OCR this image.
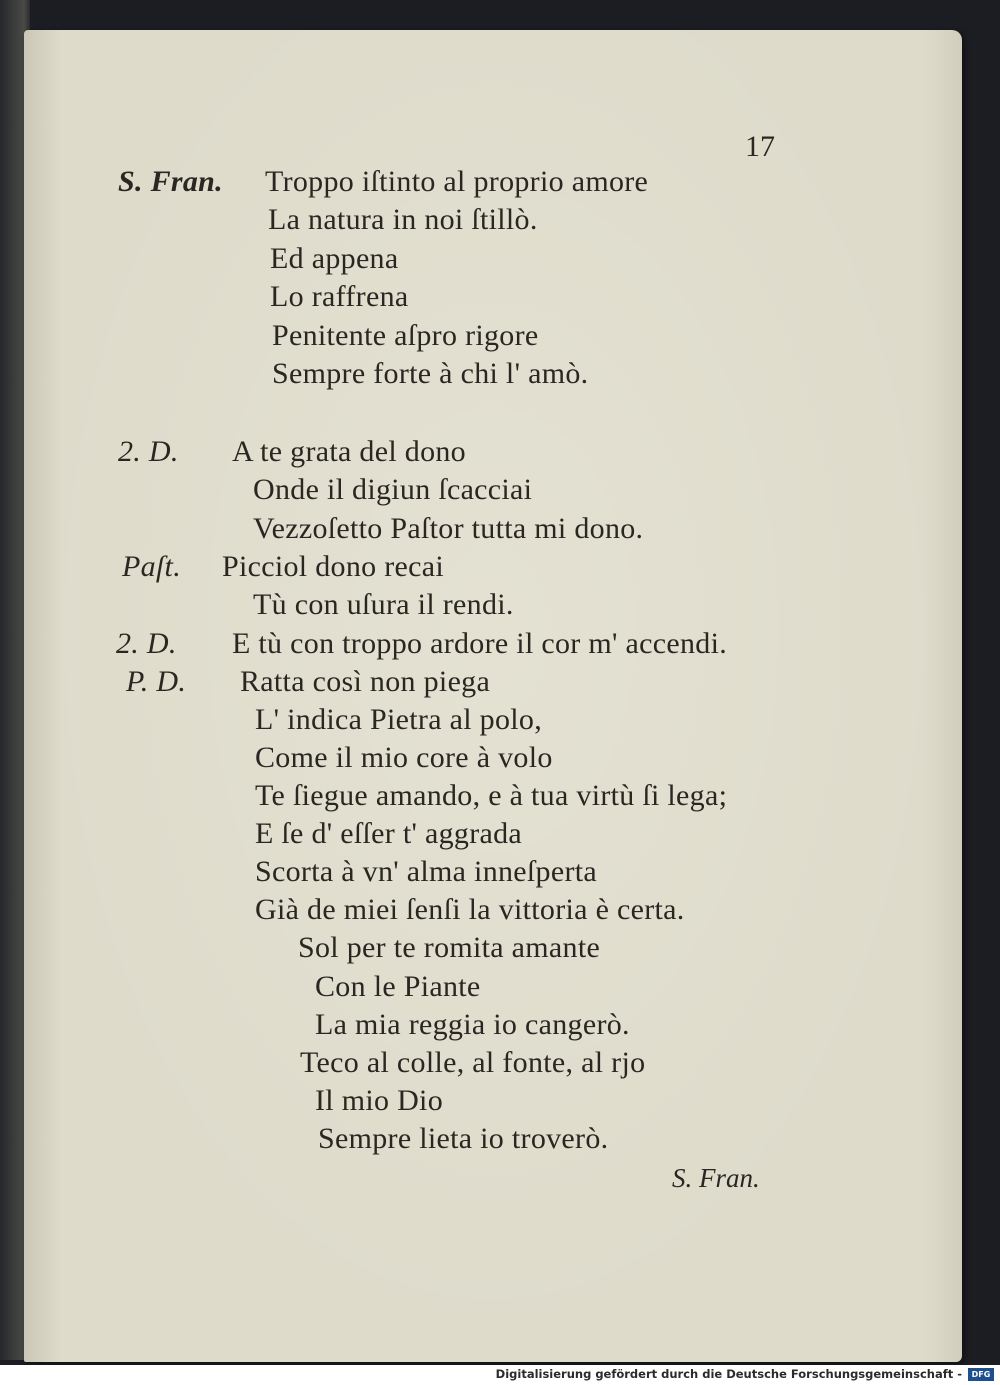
17
S. Fran.
2. D.
Paſt.
2. D.
P. D.
Troppo iſtinto al proprio amore
La natura in noi ſtillò.
Ed appena
Lo raffrena
Penitente aſpro rigore
Sempre forte à chi l' amò.
A te grata del dono
Onde il digiun ſcacciai
Vezzoſetto Paſtor tutta mi dono.
Picciol dono recai
Tù con uſura il rendi.
E tù con troppo ardore il cor m' accendi.
Ratta così non piega
L' indica Pietra al polo,
Come il mio core à volo
Te ſiegue amando, e à tua virtù ſi lega;
E ſe d' eſſer t' aggrada
Scorta à vn' alma inneſperta
Già de miei ſenſi la vittoria è certa.
Sol per te romita amante
Con le Piante
La mia reggia io cangerò.
Teco al colle, al fonte, al rjo
Il mio Dio
Sempre lieta io troverò.
S. Fran.
Digitalisierung gefördert durch die Deutsche Forschungsgemeinschaft -	DFG
